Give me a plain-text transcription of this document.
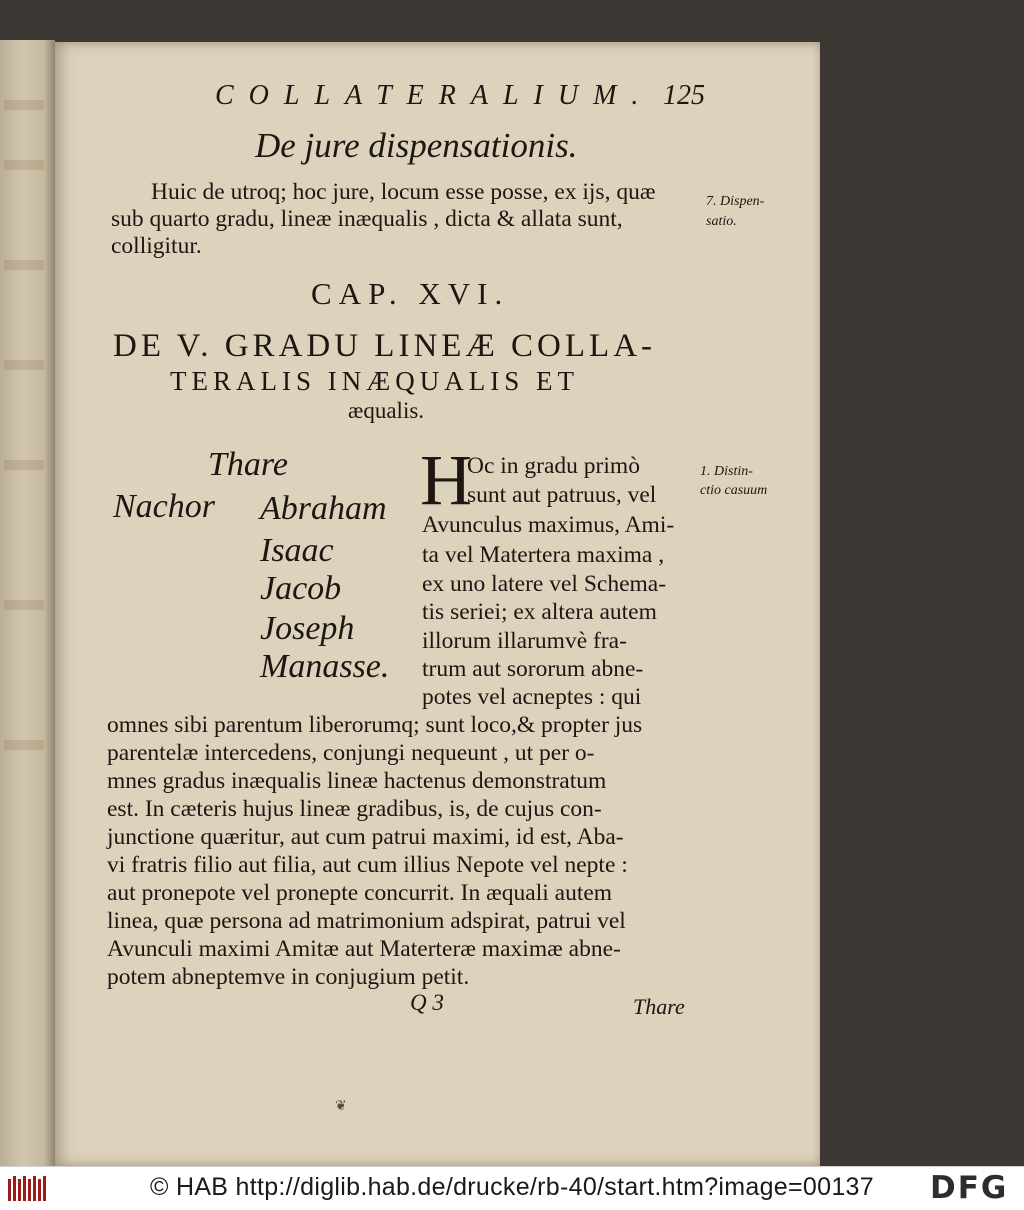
COLLATERALIUM. 125

De jure dispensationis.

Huic de utroq; hoc jure, locum esse posse, ex ijs, quæ

sub quarto gradu, lineæ inæqualis , dicta & allata sunt,

colligitur.

7. Dispen-

satio.

CAP. XVI.

DE V. GRADU LINEÆ COLLA-

TERALIS INÆQUALIS ET

æqualis.

Thare

Nachor Abraham

Isaac

Jacob

Joseph

Manasse.

H

Oc in gradu primò

sunt aut patruus, vel

Avunculus maximus, Ami-

ta vel Matertera maxima ,

ex uno latere vel Schema-

tis seriei; ex altera autem

illorum illarumvè fra-

trum aut sororum abne-

potes vel acneptes : qui

1. Distin-

ctio casuum

omnes sibi parentum liberorumq; sunt loco,& propter jus

parentelæ intercedens, conjungi nequeunt , ut per o-

mnes gradus inæqualis lineæ hactenus demonstratum

est. In cæteris hujus lineæ gradibus, is, de cujus con-

junctione quæritur, aut cum patrui maximi, id est, Aba-

vi fratris filio aut filia, aut cum illius Nepote vel nepte :

aut pronepote vel pronepte concurrit. In æquali autem

linea, quæ persona ad matrimonium adspirat, patrui vel

Avunculi maximi Amitæ aut Materteræ maximæ abne-

potem abneptemve in conjugium petit.

Q 3	Thare

❦

© HAB http://diglib.hab.de/drucke/rb-40/start.htm?image=00137 DFG
